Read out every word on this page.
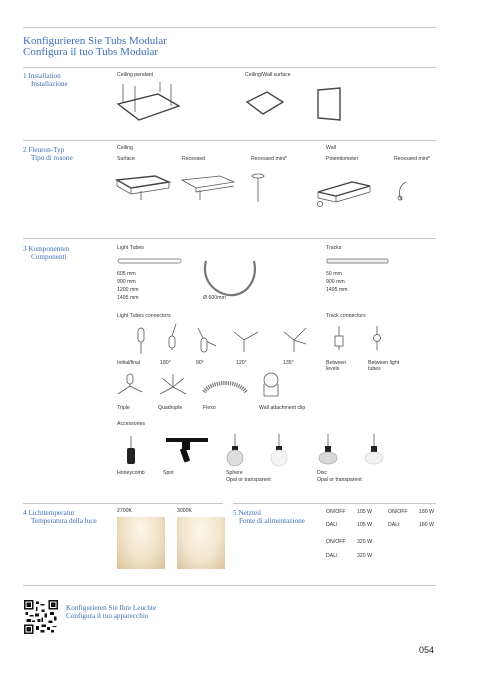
Konfigurieren Sie Tubs Modular
Configura il tuo Tubs Modular
1 Installation
Installazione
Ceiling pendant	Ceiling/Wall surface
2 Fleuron-Typ
Tipo di rosone
Ceiling	Wall
Surface	Recessed	Recessed mini*	Potentiometer	Recessed mini*
3 Komponenten
Componenti
Light Tubes	Tracks
605 mm
900 mm
1200 mm
1495 mm	Ø 600mm
50 mm
900 mm
1495 mm
Light Tubes connectors	Track connectors
Initial/final	180°	90°	120°	135°	Between levels
Between light tubes
Triple	Quadruple	Flexo	Wall attachment clip
Accessories
Honeycomb	Spot	Sphere
Opal or transparent
Disc
Opal or transparent
4 Lichttemperatur
Temperatura della luce
2700K	3000K	5 Netzteil
Fonte di alimentazione
ON/OFF 105 W	ON/OFF 180 W
DALI	105 W	DALI	180 W
ON/OFF 320 W
DALI	320 W
Konfigurieren Sie Ihre Leuchte
Configura il tuo apparecchio
054
